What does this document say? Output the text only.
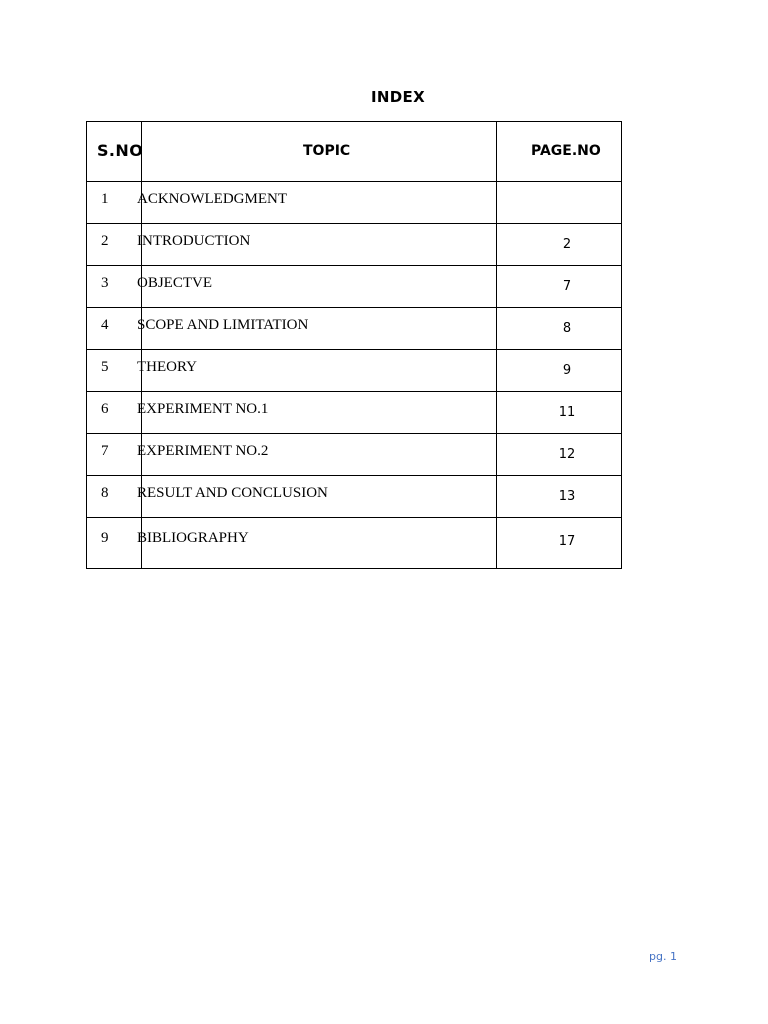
INDEX
S.NO	TOPIC	PAGE.NO
1 ACKNOWLEDGMENT
2 INTRODUCTION	2
3 OBJECTVE	7
4 SCOPE AND LIMITATION	8
5 THEORY	9
6 EXPERIMENT NO.1	11
7 EXPERIMENT NO.2	12
8 RESULT AND CONCLUSION	13
9 BIBLIOGRAPHY	17
pg. 1
